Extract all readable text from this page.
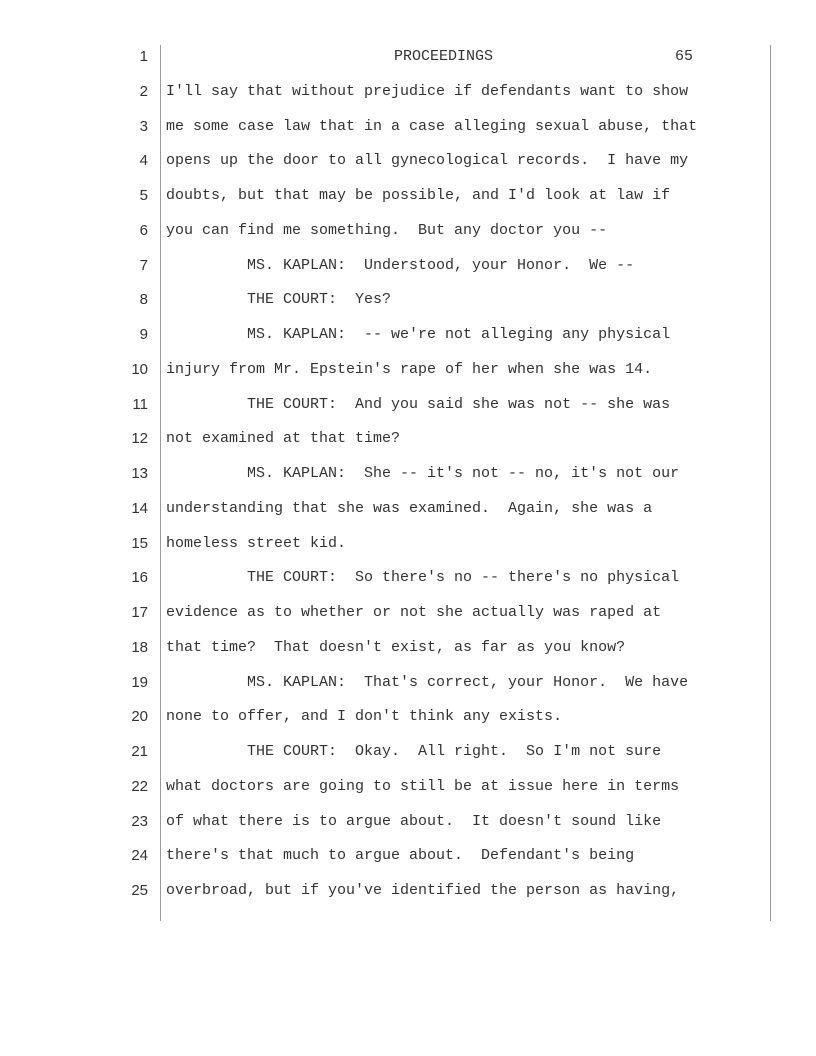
PROCEEDINGS	65
1
2 I'll say that without prejudice if defendants want to show
3 me some case law that in a case alleging sexual abuse, that
4 opens up the door to all gynecological records.  I have my
5 doubts, but that may be possible, and I'd look at law if
6 you can find me something.  But any doctor you --
7 MS. KAPLAN:  Understood, your Honor.  We --
8 THE COURT:  Yes?
9 MS. KAPLAN:  -- we're not alleging any physical
10 injury from Mr. Epstein's rape of her when she was 14.
11 THE COURT:  And you said she was not -- she was
12 not examined at that time?
13 MS. KAPLAN:  She -- it's not -- no, it's not our
14 understanding that she was examined.  Again, she was a
15 homeless street kid.
16 THE COURT:  So there's no -- there's no physical
17 evidence as to whether or not she actually was raped at
18 that time?  That doesn't exist, as far as you know?
19 MS. KAPLAN:  That's correct, your Honor.  We have
20 none to offer, and I don't think any exists.
21 THE COURT:  Okay.  All right.  So I'm not sure
22 what doctors are going to still be at issue here in terms
23 of what there is to argue about.  It doesn't sound like
24 there's that much to argue about.  Defendant's being
25 overbroad, but if you've identified the person as having,
